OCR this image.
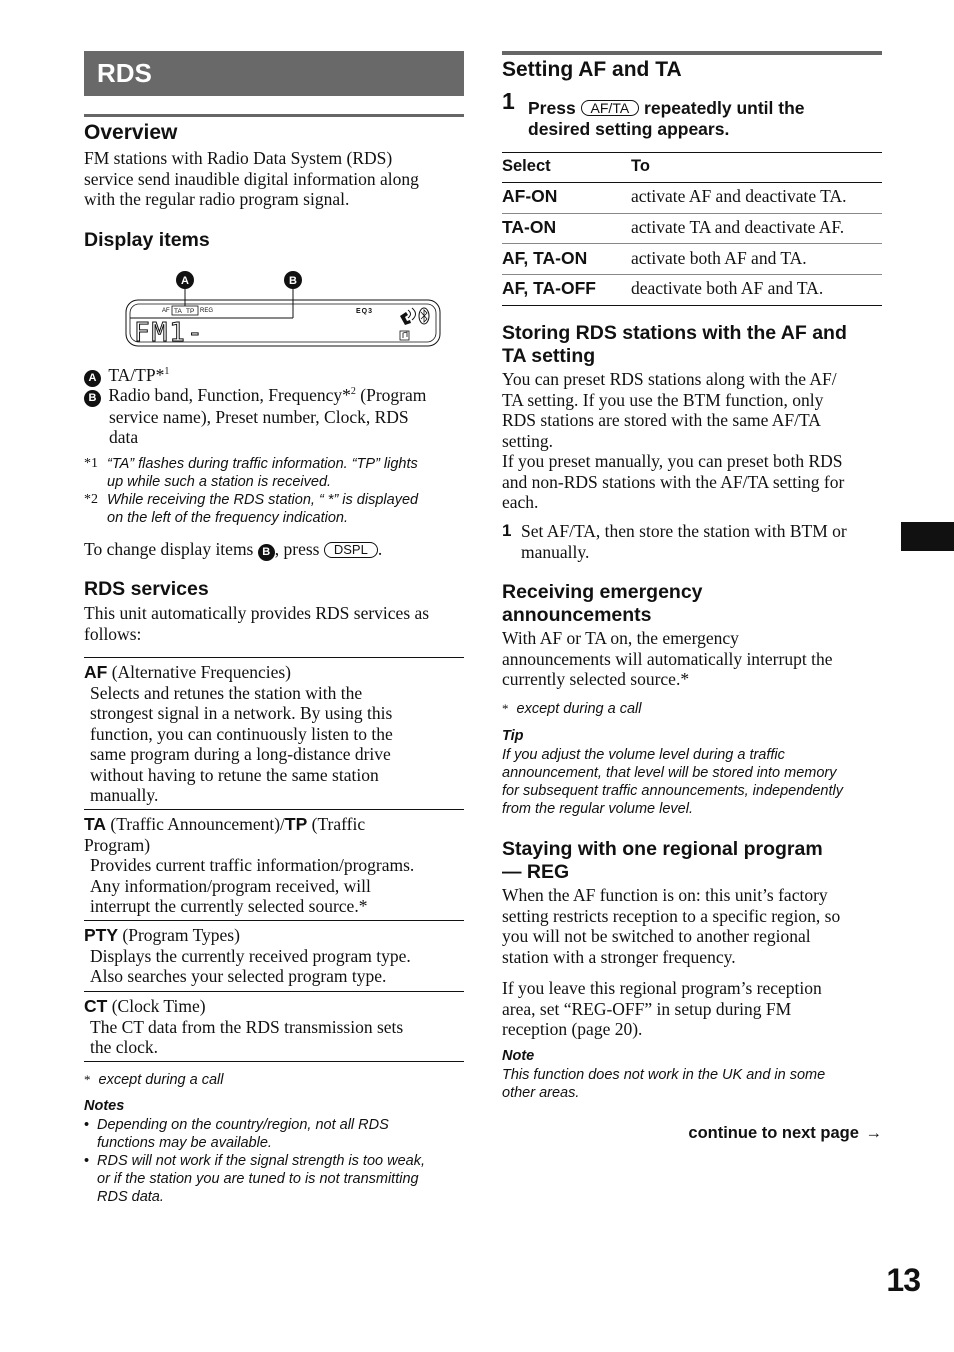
RDS
Overview
FM stations with Radio Data System (RDS)
service send inaudible digital information along
with the regular radio program signal.
Display items
A	B
AF TA TP REG	EQ3
FM1-
A TA/TP*$^1$
B Radio band, Function, Frequency*$^2$ (Program
service name), Preset number, Clock, RDS
data
*1 “TA” flashes during traffic information. “TP” lights
up while such a station is received.
*2 While receiving the RDS station, “ *” is displayed
on the left of the frequency indication.
To change display items B , press DSPL .
RDS services
This unit automatically provides RDS services as
follows:
AF (Alternative Frequencies)
Selects and retunes the station with the
strongest signal in a network. By using this
function, you can continuously listen to the
same program during a long-distance drive
without having to retune the same station
manually.
TA (Traffic Announcement)/TP (Traffic
Program)
Provides current traffic information/programs.
Any information/program received, will
interrupt the currently selected source.*
PTY (Program Types)
Displays the currently received program type.
Also searches your selected program type.
CT (Clock Time)
The CT data from the RDS transmission sets
the clock.
* except during a call
Notes
• Depending on the country/region, not all RDS
functions may be available.
• RDS will not work if the signal strength is too weak,
or if the station you are tuned to is not transmitting
RDS data.
Setting AF and TA
1 Press AF/TA repeatedly until the
desired setting appears.
Select	To
AF-ON	activate AF and deactivate TA.
TA-ON	activate TA and deactivate AF.
AF, TA-ON	activate both AF and TA.
AF, TA-OFF deactivate both AF and TA.
Storing RDS stations with the AF and
TA setting
You can preset RDS stations along with the AF/
TA setting. If you use the BTM function, only
RDS stations are stored with the same AF/TA
setting.
If you preset manually, you can preset both RDS
and non-RDS stations with the AF/TA setting for
each.
1 Set AF/TA, then store the station with BTM or
manually.
Receiving emergency
announcements
With AF or TA on, the emergency
announcements will automatically interrupt the
currently selected source.*
* except during a call
Tip
If you adjust the volume level during a traffic
announcement, that level will be stored into memory
for subsequent traffic announcements, independently
from the regular volume level.
Staying with one regional program
— REG
When the AF function is on: this unit’s factory
setting restricts reception to a specific region, so
you will not be switched to another regional
station with a stronger frequency.
If you leave this regional program’s reception
area, set “REG-OFF” in setup during FM
reception (page 20).
Note
This function does not work in the UK and in some
other areas.
continue to next page →
13
